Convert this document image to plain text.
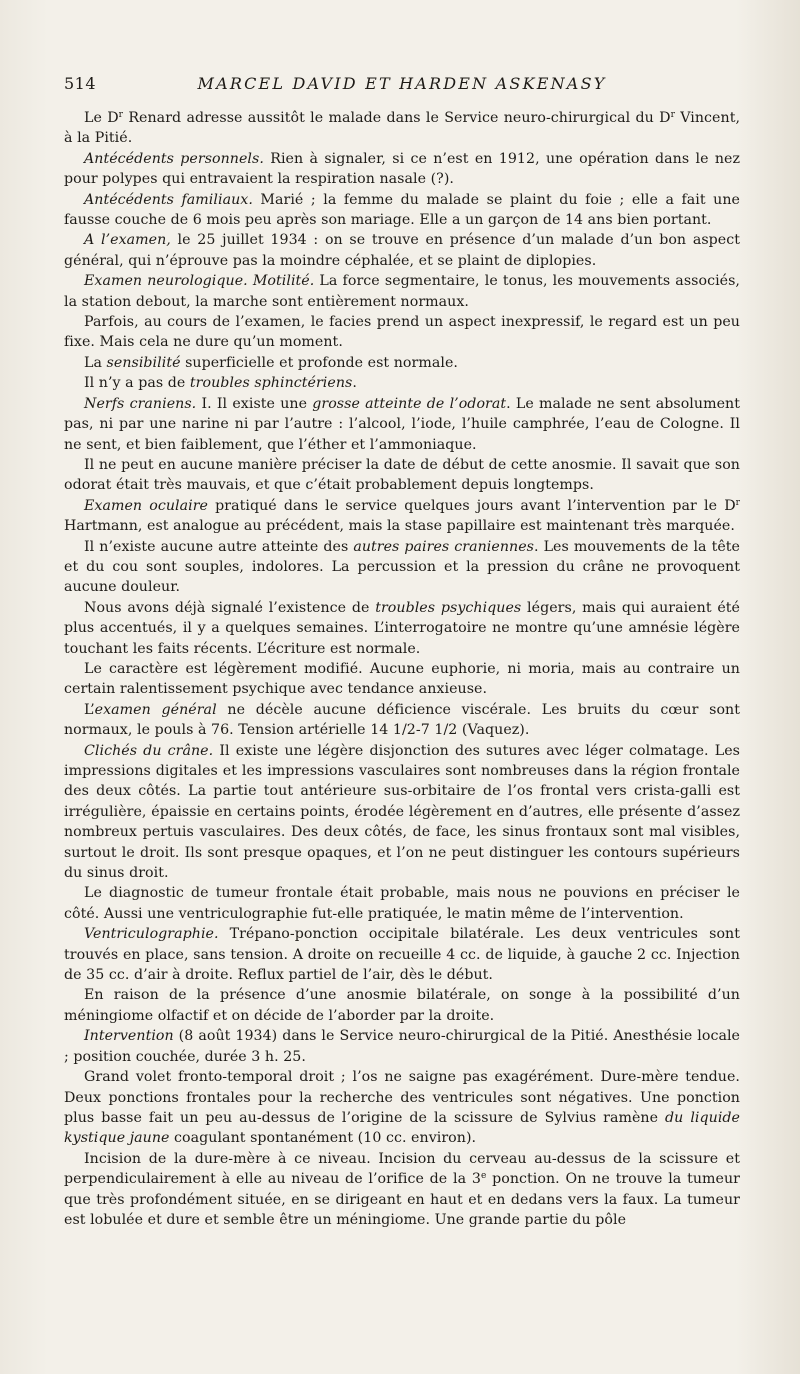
514	MARCEL DAVID ET HARDEN ASKENASY

Le $D^r$ Renard adresse aussitôt le malade dans le Service neuro-chirurgical du $D^r$ Vincent, à la Pitié.

Antécédents personnels. Rien à signaler, si ce n’est en 1912, une opération dans le nez pour polypes qui entravaient la respiration nasale (?).

Antécédents familiaux. Marié ; la femme du malade se plaint du foie ; elle a fait une fausse couche de 6 mois peu après son mariage. Elle a un garçon de 14 ans bien portant.

A l’examen, le 25 juillet 1934 : on se trouve en présence d’un malade d’un bon aspect général, qui n’éprouve pas la moindre céphalée, et se plaint de diplopies.

Examen neurologique. Motilité. La force segmentaire, le tonus, les mouvements associés, la station debout, la marche sont entièrement normaux.

Parfois, au cours de l’examen, le facies prend un aspect inexpressif, le regard est un peu fixe. Mais cela ne dure qu’un moment.

La sensibilité superficielle et profonde est normale.

Il n’y a pas de troubles sphinctériens.

Nerfs craniens. I. Il existe une grosse atteinte de l’odorat. Le malade ne sent absolument pas, ni par une narine ni par l’autre : l’alcool, l’iode, l’huile camphrée, l’eau de Cologne. Il ne sent, et bien faiblement, que l’éther et l’ammoniaque.

Il ne peut en aucune manière préciser la date de début de cette anosmie. Il savait que son odorat était très mauvais, et que c’était probablement depuis longtemps.

Examen oculaire pratiqué dans le service quelques jours avant l’intervention par le $D^r$ Hartmann, est analogue au précédent, mais la stase papillaire est maintenant très marquée.

Il n’existe aucune autre atteinte des autres paires craniennes. Les mouvements de la tête et du cou sont souples, indolores. La percussion et la pression du crâne ne provoquent aucune douleur.

Nous avons déjà signalé l’existence de troubles psychiques légers, mais qui auraient été plus accentués, il y a quelques semaines. L’interrogatoire ne montre qu’une amnésie légère touchant les faits récents. L’écriture est normale.

Le caractère est légèrement modifié. Aucune euphorie, ni moria, mais au contraire un certain ralentissement psychique avec tendance anxieuse.

L’examen général ne décèle aucune déficience viscérale. Les bruits du cœur sont normaux, le pouls à 76. Tension artérielle 14 1/2-7 1/2 (Vaquez).

Clichés du crâne. Il existe une légère disjonction des sutures avec léger colmatage. Les impressions digitales et les impressions vasculaires sont nombreuses dans la région frontale des deux côtés. La partie tout antérieure sus-orbitaire de l’os frontal vers crista-galli est irrégulière, épaissie en certains points, érodée légèrement en d’autres, elle présente d’assez nombreux pertuis vasculaires. Des deux côtés, de face, les sinus frontaux sont mal visibles, surtout le droit. Ils sont presque opaques, et l’on ne peut distinguer les contours supérieurs du sinus droit.

Le diagnostic de tumeur frontale était probable, mais nous ne pouvions en préciser le côté. Aussi une ventriculographie fut-elle pratiquée, le matin même de l’intervention.

Ventriculographie. Trépano-ponction occipitale bilatérale. Les deux ventricules sont trouvés en place, sans tension. A droite on recueille 4 cc. de liquide, à gauche 2 cc. Injection de 35 cc. d’air à droite. Reflux partiel de l’air, dès le début.

En raison de la présence d’une anosmie bilatérale, on songe à la possibilité d’un méningiome olfactif et on décide de l’aborder par la droite.

Intervention (8 août 1934) dans le Service neuro-chirurgical de la Pitié. Anesthésie locale ; position couchée, durée 3 h. 25.

Grand volet fronto-temporal droit ; l’os ne saigne pas exagérément. Dure-mère tendue. Deux ponctions frontales pour la recherche des ventricules sont négatives. Une ponction plus basse fait un peu au-dessus de l’origine de la scissure de Sylvius ramène du liquide kystique jaune coagulant spontanément (10 cc. environ).

Incision de la dure-mère à ce niveau. Incision du cerveau au-dessus de la scissure et perpendiculairement à elle au niveau de l’orifice de la 3e ponction. On ne trouve la tumeur que très profondément située, en se dirigeant en haut et en dedans vers la faux. La tumeur est lobulée et dure et semble être un méningiome. Une grande partie du pôle
